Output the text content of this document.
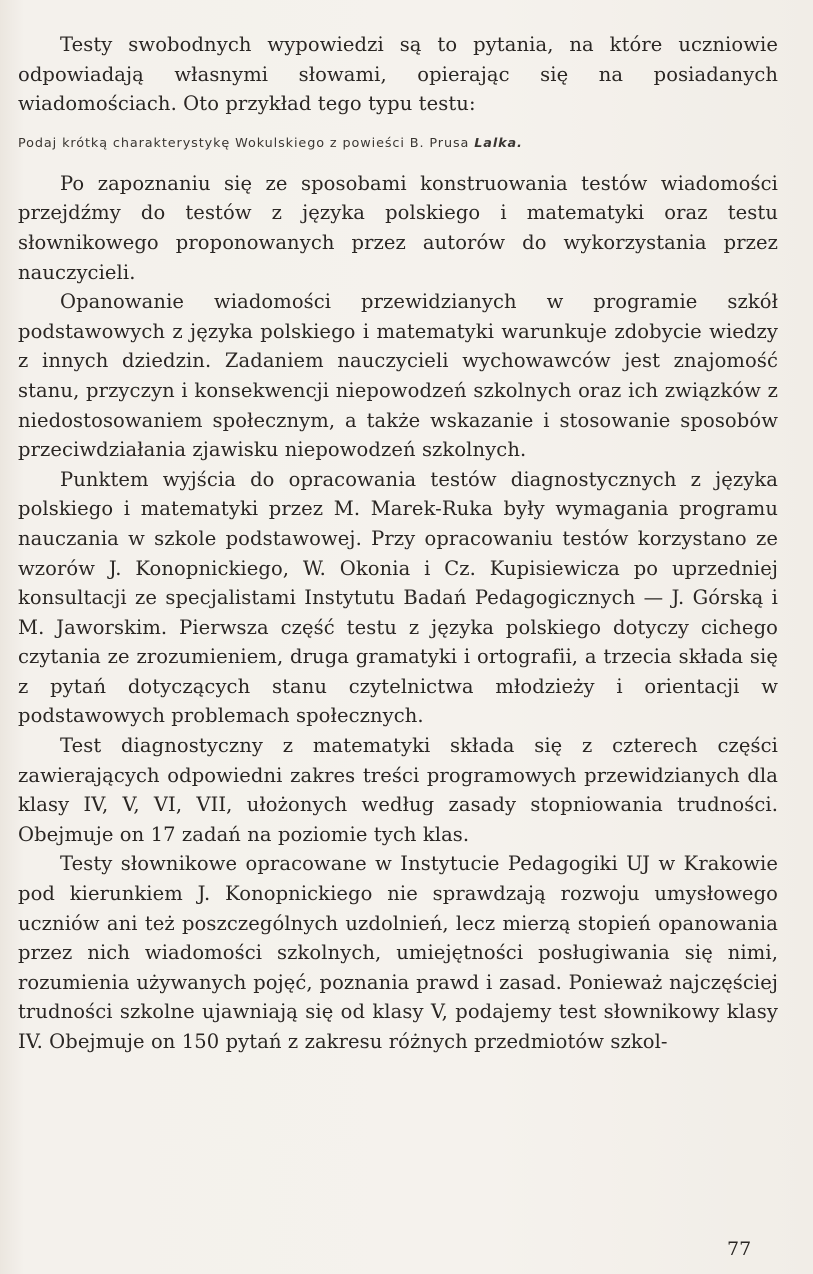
Testy swobodnych wypowiedzi są to pytania, na które uczniowie odpowiadają własnymi słowami, opierając się na posiadanych wiadomościach. Oto przykład tego typu testu:

Podaj krótką charakterystykę Wokulskiego z powieści B. Prusa Lalka.

Po zapoznaniu się ze sposobami konstruowania testów wiadomości przejdźmy do testów z języka polskiego i matematyki oraz testu słownikowego proponowanych przez autorów do wykorzystania przez nauczycieli.

Opanowanie wiadomości przewidzianych w programie szkół podstawowych z języka polskiego i matematyki warunkuje zdobycie wiedzy z innych dziedzin. Zadaniem nauczycieli wychowawców jest znajomość stanu, przyczyn i konsekwencji niepowodzeń szkolnych oraz ich związków z niedostosowaniem społecznym, a także wskazanie i stosowanie sposobów przeciwdziałania zjawisku niepowodzeń szkolnych.

Punktem wyjścia do opracowania testów diagnostycznych z języka polskiego i matematyki przez M. Marek-Ruka były wymagania programu nauczania w szkole podstawowej. Przy opracowaniu testów korzystano ze wzorów J. Konopnickiego, W. Okonia i Cz. Kupisiewicza po uprzedniej konsultacji ze specjalistami Instytutu Badań Pedagogicznych — J. Górską i M. Jaworskim. Pierwsza część testu z języka polskiego dotyczy cichego czytania ze zrozumieniem, druga gramatyki i ortografii, a trzecia składa się z pytań dotyczących stanu czytelnictwa młodzieży i orientacji w podstawowych problemach społecznych.

Test diagnostyczny z matematyki składa się z czterech części zawierających odpowiedni zakres treści programowych przewidzianych dla klasy IV, V, VI, VII, ułożonych według zasady stopniowania trudności. Obejmuje on 17 zadań na poziomie tych klas.

Testy słownikowe opracowane w Instytucie Pedagogiki UJ w Krakowie pod kierunkiem J. Konopnickiego nie sprawdzają rozwoju umysłowego uczniów ani też poszczególnych uzdolnień, lecz mierzą stopień opanowania przez nich wiadomości szkolnych, umiejętności posługiwania się nimi, rozumienia używanych pojęć, poznania prawd i zasad. Ponieważ najczęściej trudności szkolne ujawniają się od klasy V, podajemy test słownikowy klasy IV. Obejmuje on 150 pytań z zakresu różnych przedmiotów szkol-

77
